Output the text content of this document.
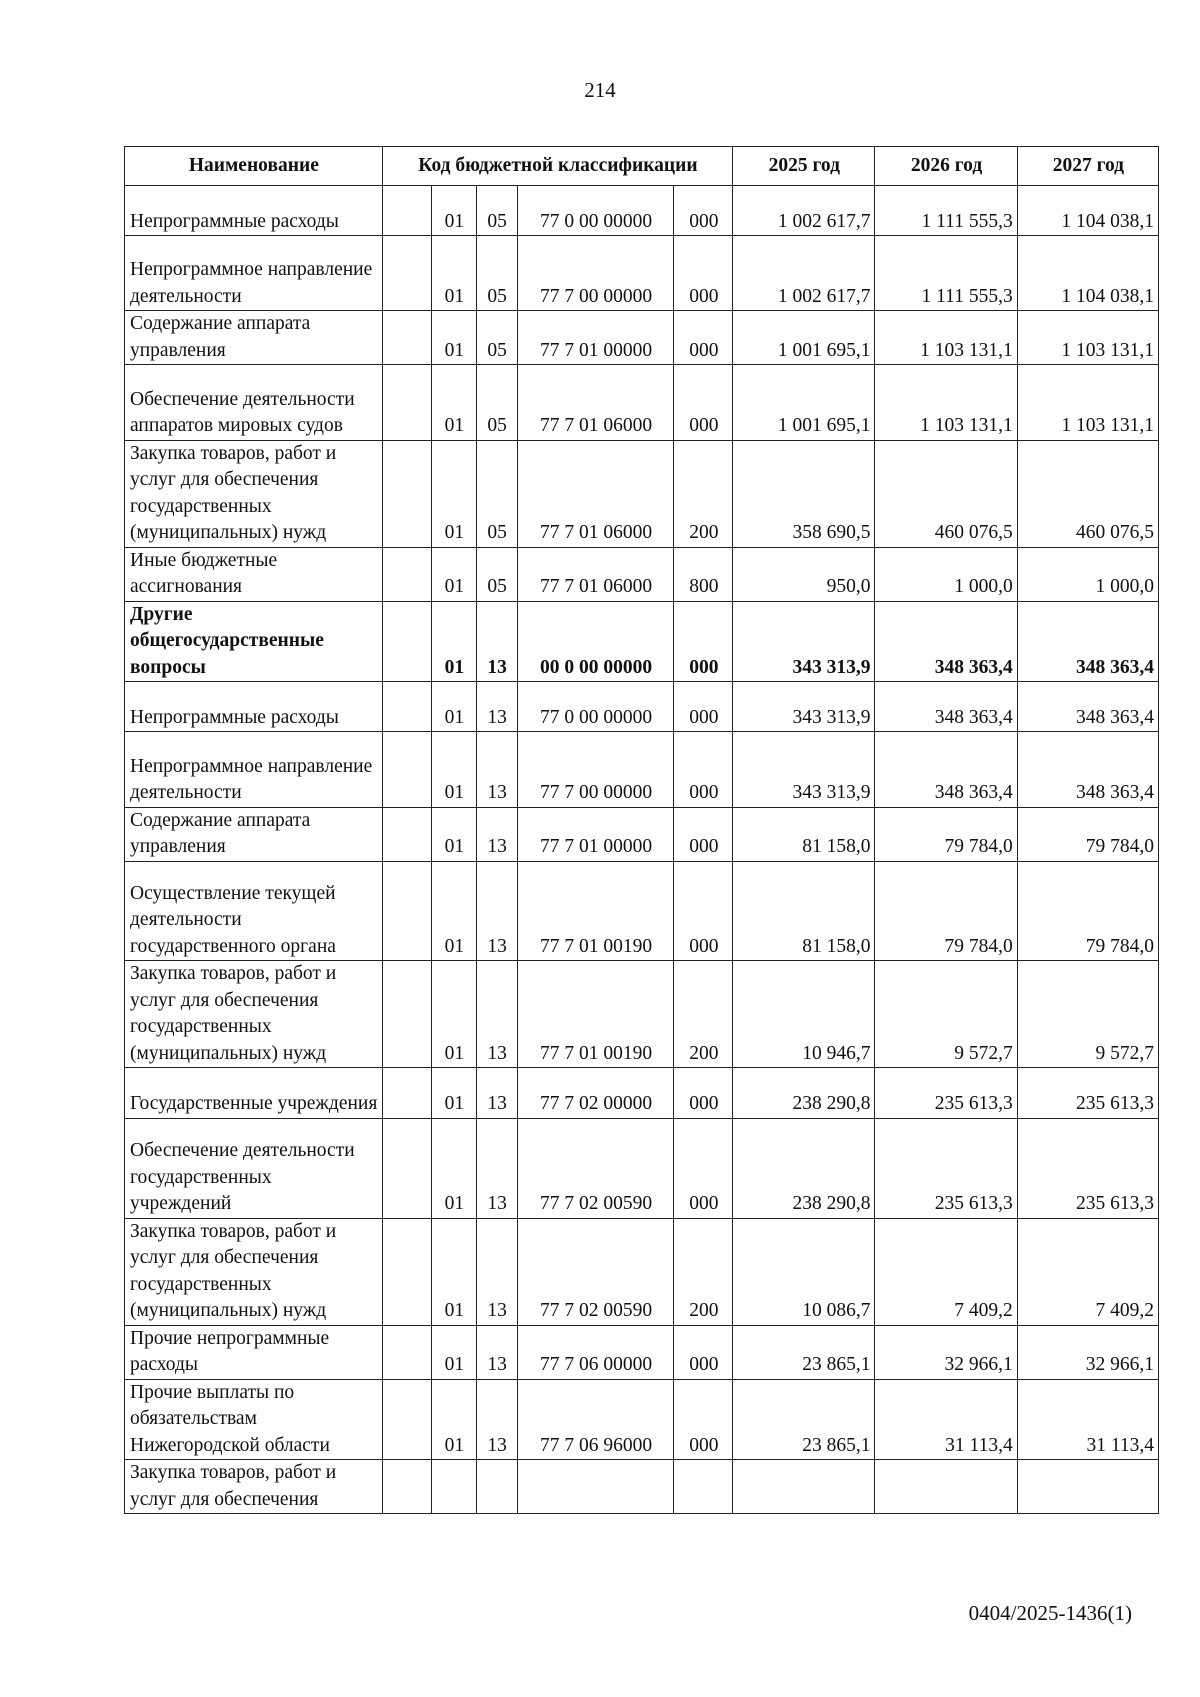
214
Наименование	Код бюджетной классификации					2025 год	2026 год	2027 год
Непрограммные расходы		01	05	77 0 00 00000	000	1 002 617,7	1 111 555,3	1 104 038,1
Непрограммное направление деятельности		01	05	77 7 00 00000	000	1 002 617,7	1 111 555,3	1 104 038,1
Содержание аппарата управления		01	05	77 7 01 00000	000	1 001 695,1	1 103 131,1	1 103 131,1
Обеспечение деятельности аппаратов мировых судов		01	05	77 7 01 06000	000	1 001 695,1	1 103 131,1	1 103 131,1
Закупка товаров, работ и услуг для обеспечения государственных (муниципальных) нужд		01	05	77 7 01 06000	200	358 690,5	460 076,5	460 076,5
Иные бюджетные ассигнования		01	05	77 7 01 06000	800	950,0	1 000,0	1 000,0
Другие общегосударственные вопросы		01	13	00 0 00 00000	000	343 313,9	348 363,4	348 363,4
Непрограммные расходы		01	13	77 0 00 00000	000	343 313,9	348 363,4	348 363,4
Непрограммное направление деятельности		01	13	77 7 00 00000	000	343 313,9	348 363,4	348 363,4
Содержание аппарата управления		01	13	77 7 01 00000	000	81 158,0	79 784,0	79 784,0
Осуществление текущей деятельности государственного органа		01	13	77 7 01 00190	000	81 158,0	79 784,0	79 784,0
Закупка товаров, работ и услуг для обеспечения государственных (муниципальных) нужд		01	13	77 7 01 00190	200	10 946,7	9 572,7	9 572,7
Государственные учреждения		01	13	77 7 02 00000	000	238 290,8	235 613,3	235 613,3
Обеспечение деятельности государственных учреждений		01	13	77 7 02 00590	000	238 290,8	235 613,3	235 613,3
Закупка товаров, работ и услуг для обеспечения государственных (муниципальных) нужд		01	13	77 7 02 00590	200	10 086,7	7 409,2	7 409,2
Прочие непрограммные расходы		01	13	77 7 06 00000	000	23 865,1	32 966,1	32 966,1
Прочие выплаты по обязательствам Нижегородской области		01	13	77 7 06 96000	000	23 865,1	31 113,4	31 113,4
Закупка товаров, работ и услуг для обеспечения								
0404/2025-1436(1)
